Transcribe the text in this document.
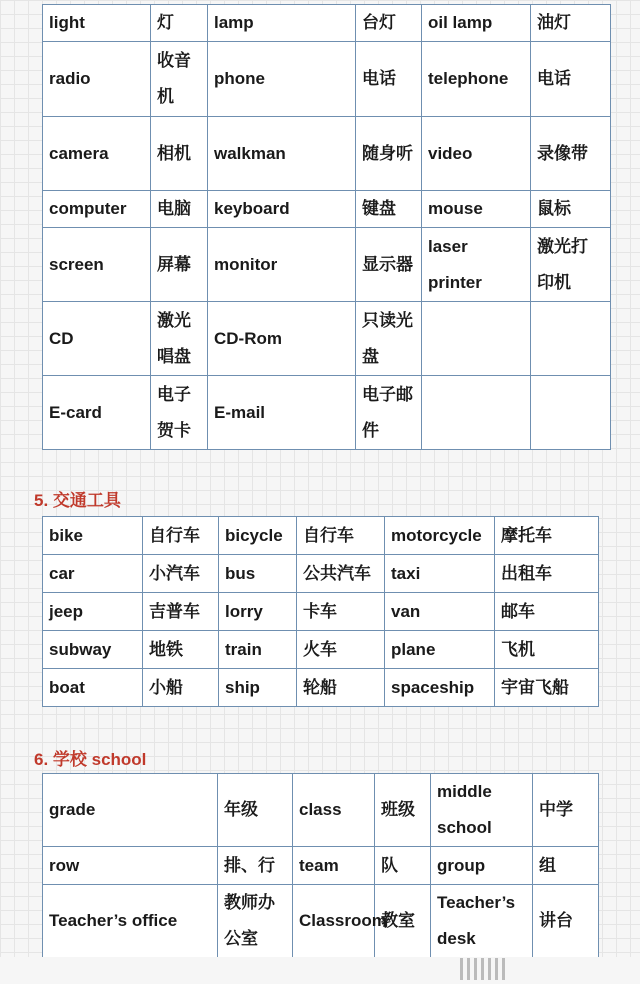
light	灯	lamp	台灯	oil lamp	油灯
radio	收音机	phone	电话	telephone	电话
camera	相机	walkman	随身听	video	录像带
computer	电脑	keyboard	键盘	mouse	鼠标
screen	屏幕	monitor	显示器	laser printer	激光打印机
CD	激光唱盘	CD-Rom	只读光盘		
E-card	电子贺卡	E-mail	电子邮件		
5. 交通工具
bike	自行车	bicycle	自行车	motorcycle	摩托车
car	小汽车	bus	公共汽车	taxi	出租车
jeep	吉普车	lorry	卡车	van	邮车
subway	地铁	train	火车	plane	飞机
boat	小船	ship	轮船	spaceship	宇宙飞船
6. 学校 school
grade	年级	class	班级	middle school	中学
row	排、行	team	队	group	组
Teacher’s office	教师办公室	Classroom	教室	Teacher’s desk	讲台
